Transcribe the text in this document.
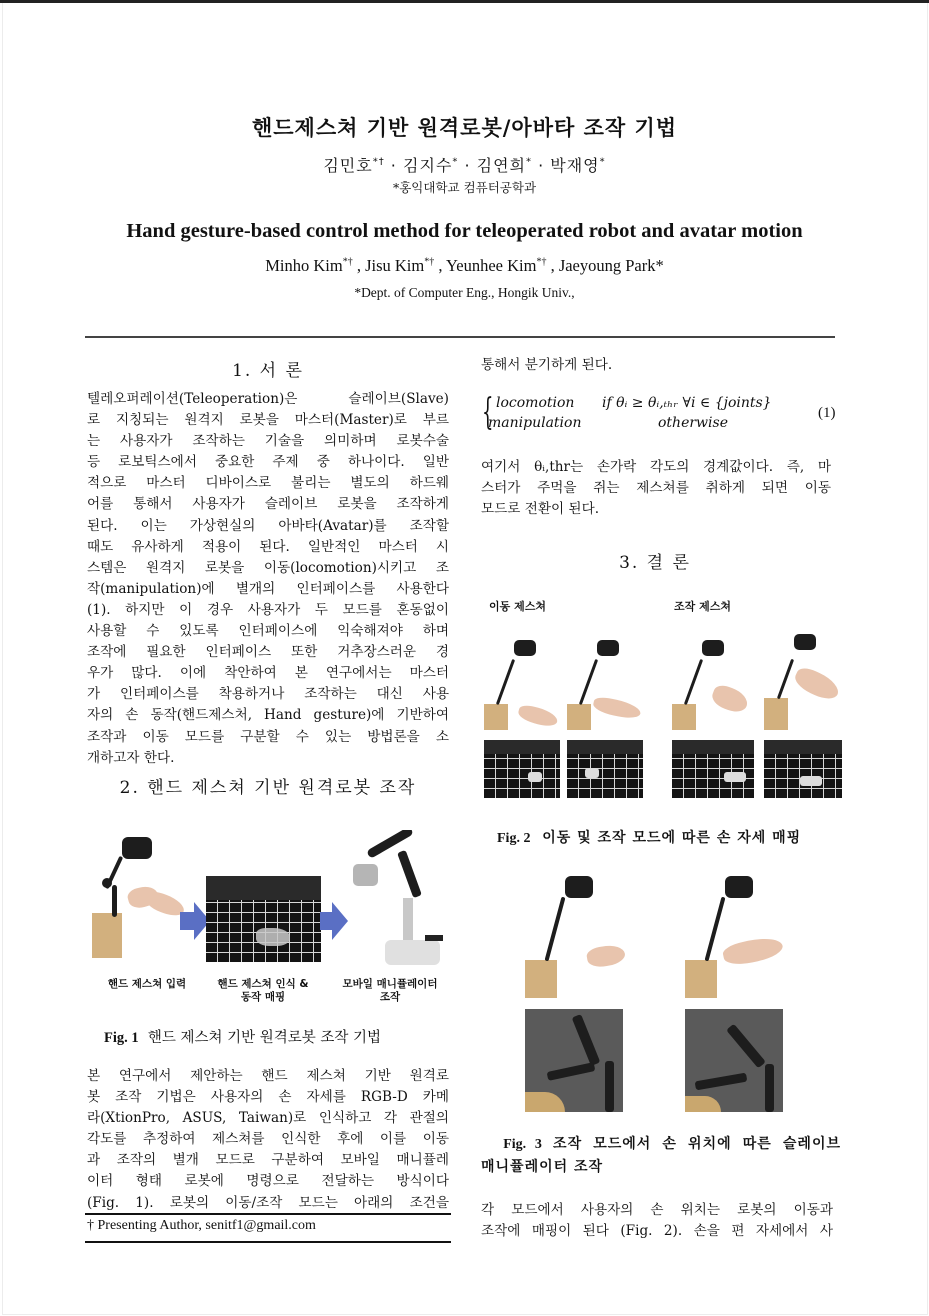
핸드제스쳐 기반 원격로봇/아바타 조작 기법
김민호*† · 김지수* · 김연희* · 박재영*
*홍익대학교 컴퓨터공학과
Hand gesture-based control method for teleoperated robot and avatar motion
Minho Kim*† , Jisu Kim*† , Yeunhee Kim*† , Jaeyoung Park*
*Dept. of Computer Eng., Hongik Univ.,
1. 서 론
텔레오퍼레이션(Teleoperation)은 슬레이브(Slave)
로 지칭되는 원격지 로봇을 마스터(Master)로 부르
는 사용자가 조작하는 기술을 의미하며 로봇수술
등 로보틱스에서 중요한 주제 중 하나이다. 일반
적으로 마스터 디바이스로 불리는 별도의 하드웨
어를 통해서 사용자가 슬레이브 로봇을 조작하게
된다. 이는 가상현실의 아바타(Avatar)를 조작할
때도 유사하게 적용이 된다. 일반적인 마스터 시
스템은 원격지 로봇을 이동(locomotion)시키고 조
작(manipulation)에 별개의 인터페이스를 사용한다
(1). 하지만 이 경우 사용자가 두 모드를 혼동없이
사용할 수 있도록 인터페이스에 익숙해져야 하며
조작에 필요한 인터페이스 또한 거추장스러운 경
우가 많다. 이에 착안하여 본 연구에서는 마스터
가 인터페이스를 착용하거나 조작하는 대신 사용
자의 손 동작(핸드제스처, Hand gesture)에 기반하여
조작과 이동 모드를 구분할 수 있는 방법론을 소
개하고자 한다.
2. 핸드 제스쳐 기반 원격로봇 조작
핸드 제스쳐 입력	핸드 제스쳐 인식 &
동작 매핑
모바일 매니퓰레이터
조작
Fig. 1 핸드 제스쳐 기반 원격로봇 조작 기법
본 연구에서 제안하는 핸드 제스쳐 기반 원격로
봇 조작 기법은 사용자의 손 자세를 RGB-D 카메
라(XtionPro, ASUS, Taiwan)로 인식하고 각 관절의
각도를 추정하여 제스쳐를 인식한 후에 이를 이동
과 조작의 별개 모드로 구분하여 모바일 매니퓰레
이터 형태 로봇에 명령으로 전달하는 방식이다
(Fig. 1). 로봇의 이동/조작 모드는 아래의 조건을
† Presenting Author, senitf1@gmail.com
통해서 분기하게 된다.
{ locomotion if θᵢ ≥ θᵢ,ₜₕᵣ ∀i ∈ {joints}
manipulation	otherwise
(1)
여기서 θᵢ,thr는 손가락 각도의 경계값이다. 즉, 마
스터가 주먹을 쥐는 제스쳐를 취하게 되면 이동
모드로 전환이 된다.
3. 결 론
이동 제스쳐	조작 제스쳐
Fig. 2 이동 및 조작 모드에 따른 손 자세 매핑
Fig. 3 조작 모드에서 손 위치에 따른 슬레이브
매니퓰레이터 조작
각 모드에서 사용자의 손 위치는 로봇의 이동과
조작에 매핑이 된다 (Fig. 2). 손을 편 자세에서 사
